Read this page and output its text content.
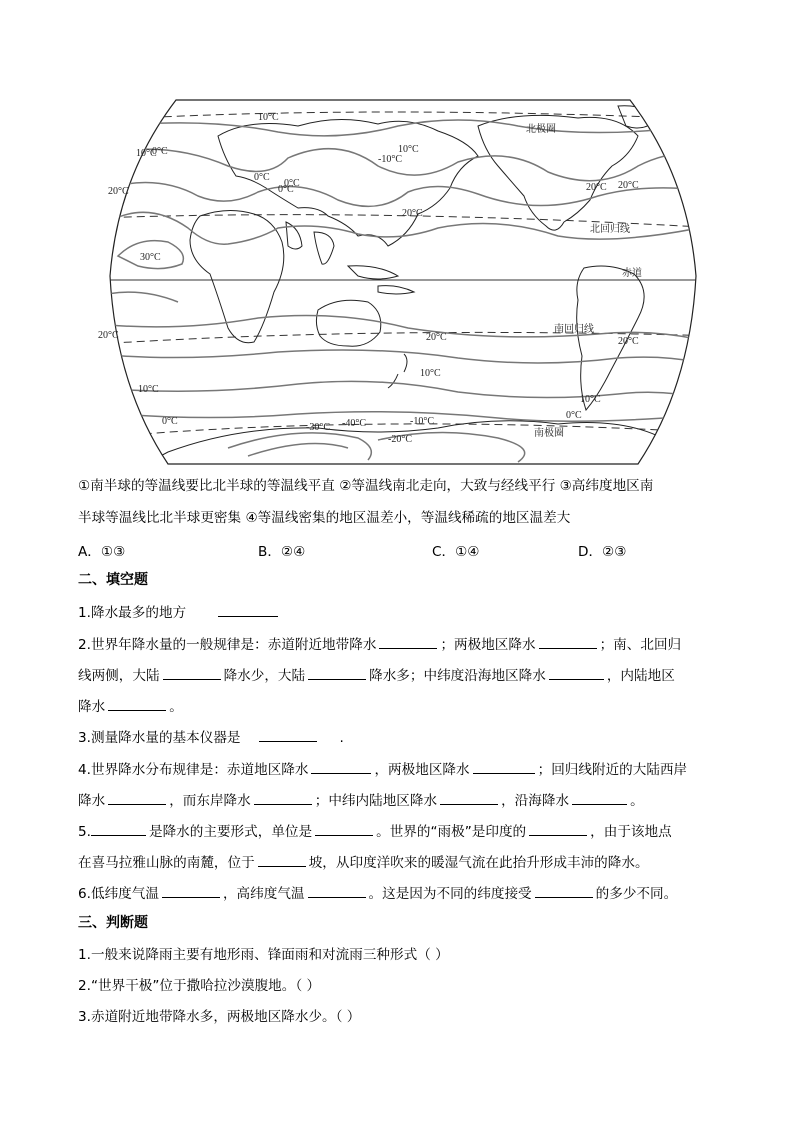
10°C
0°C
10°C
0°C
20°C
30°C
0°C
10°C
20°C
20°C
20°C	20°C	20°C
10°C
10°C
10°C
0°C
0°C
-10°C
-20°C
-30°C -40°C
0°C
-10°C
20°C
北回归线
赤道
南回归线
南极圈
北极圈
①南半球的等温线要比北半球的等温线平直 ②等温线南北走向，大致与经线平行 ③高纬度地区南
半球等温线比北半球更密集 ④等温线密集的地区温差小，等温线稀疏的地区温差大
A．①③	B．②④	C．①④	D．②③
二、填空题
1.降水最多的地方
2.世界年降水量的一般规律是：赤道附近地带降水	；两极地区降水	；南、北回归
线两侧，大陆	降水少，大陆	降水多；中纬度沿海地区降水	，内陆地区
降水	。
3.测量降水量的基本仪器是	.
4.世界降水分布规律是：赤道地区降水	，两极地区降水	；回归线附近的大陆西岸
降水	，而东岸降水	；中纬内陆地区降水	，沿海降水	。
5.	是降水的主要形式，单位是	。世界的“雨极”是印度的	，由于该地点
在喜马拉雅山脉的南麓，位于	坡，从印度洋吹来的暖湿气流在此抬升形成丰沛的降水。
6.低纬度气温	，高纬度气温	。这是因为不同的纬度接受	的多少不同。
三、判断题
1.一般来说降雨主要有地形雨、锋面雨和对流雨三种形式（ ）
2.“世界干极”位于撒哈拉沙漠腹地。（ ）
3.赤道附近地带降水多，两极地区降水少。（ ）
